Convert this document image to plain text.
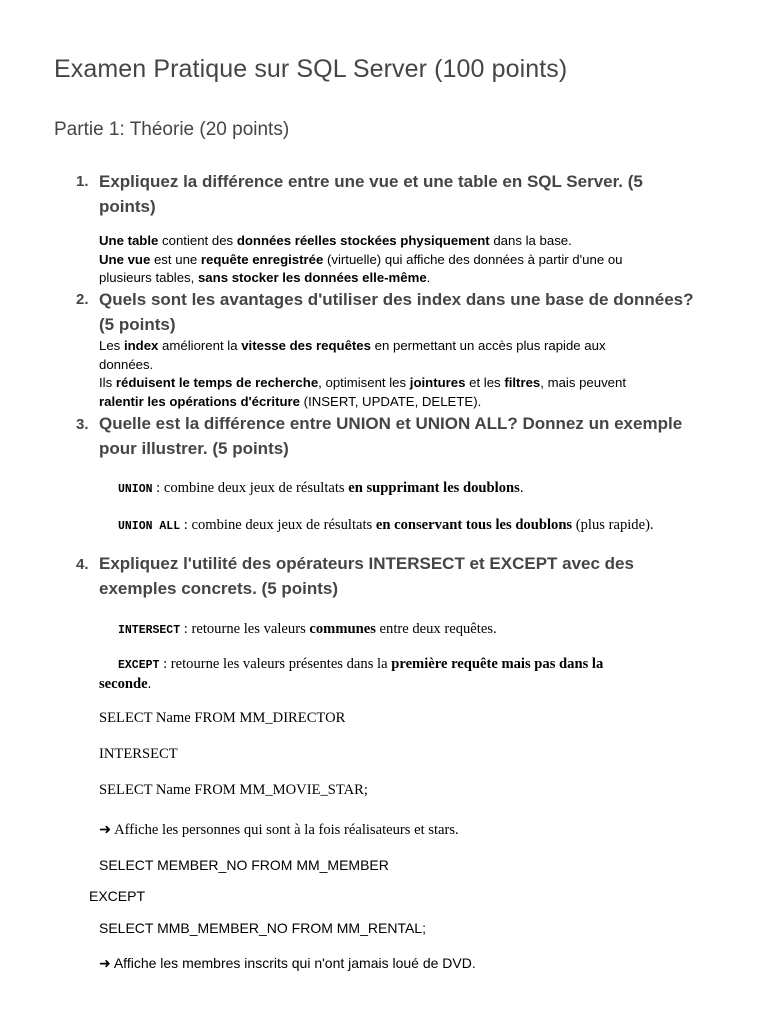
Examen Pratique sur SQL Server (100 points)
Partie 1: Théorie (20 points)
1. Expliquez la différence entre une vue et une table en SQL Server. (5
points)
Une table contient des données réelles stockées physiquement dans la base.
Une vue est une requête enregistrée (virtuelle) qui affiche des données à partir d'une ou
plusieurs tables, sans stocker les données elle-même.
2. Quels sont les avantages d'utiliser des index dans une base de données?
(5 points)
Les index améliorent la vitesse des requêtes en permettant un accès plus rapide aux
données.
Ils réduisent le temps de recherche, optimisent les jointures et les filtres, mais peuvent
ralentir les opérations d'écriture (INSERT, UPDATE, DELETE).
3. Quelle est la différence entre UNION et UNION ALL? Donnez un exemple
pour illustrer. (5 points)
UNION : combine deux jeux de résultats en supprimant les doublons.
UNION ALL : combine deux jeux de résultats en conservant tous les doublons (plus rapide).
4. Expliquez l'utilité des opérateurs INTERSECT et EXCEPT avec des
exemples concrets. (5 points)
INTERSECT : retourne les valeurs communes entre deux requêtes.
EXCEPT : retourne les valeurs présentes dans la première requête mais pas dans la
seconde.
SELECT Name FROM MM_DIRECTOR
INTERSECT
SELECT Name FROM MM_MOVIE_STAR;
➜ Affiche les personnes qui sont à la fois réalisateurs et stars.
SELECT MEMBER_NO FROM MM_MEMBER
EXCEPT
SELECT MMB_MEMBER_NO FROM MM_RENTAL;
➜ Affiche les membres inscrits qui n'ont jamais loué de DVD.
